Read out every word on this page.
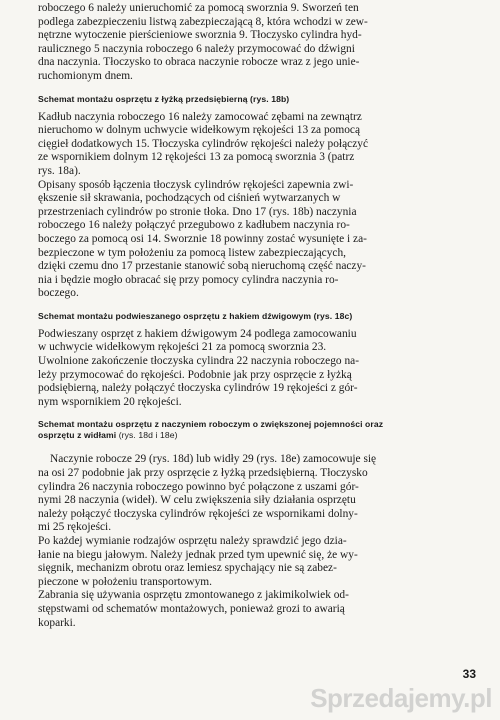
roboczego 6 należy unieruchomić za pomocą sworznia 9. Sworzeń ten
podlega zabezpieczeniu listwą zabezpieczającą 8, która wchodzi w zew-
nętrzne wytoczenie pierścieniowe sworznia 9. Tłoczysko cylindra hyd-
raulicznego 5 naczynia roboczego 6 należy przymocować do dźwigni
dna naczynia. Tłoczysko to obraca naczynie robocze wraz z jego unie-
ruchomionym dnem.

Schemat montażu osprzętu z łyżką przedsiębierną (rys. 18b)

Kadłub naczynia roboczego 16 należy zamocować zębami na zewnątrz
nieruchomo w dolnym uchwycie widełkowym rękojeści 13 za pomocą
cięgieł dodatkowych 15. Tłoczyska cylindrów rękojeści należy połączyć
ze wspornikiem dolnym 12 rękojeści 13 za pomocą sworznia 3 (patrz
rys. 18a).

Opisany sposób łączenia tłoczysk cylindrów rękojeści zapewnia zwi-
ększenie sił skrawania, pochodzących od ciśnień wytwarzanych w
przestrzeniach cylindrów po stronie tłoka. Dno 17 (rys. 18b) naczynia
roboczego 16 należy połączyć przegubowo z kadłubem naczynia ro-
boczego za pomocą osi 14. Sworznie 18 powinny zostać wysunięte i za-
bezpieczone w tym położeniu za pomocą listew zabezpieczających,
dzięki czemu dno 17 przestanie stanowić sobą nieruchomą część naczy-
nia i będzie mogło obracać się przy pomocy cylindra naczynia ro-
boczego.

Schemat montażu podwieszanego osprzętu z hakiem dźwigowym (rys. 18c)

Podwieszany osprzęt z hakiem dźwigowym 24 podlega zamocowaniu
w uchwycie widełkowym rękojeści 21 za pomocą sworznia 23.

Uwolnione zakończenie tłoczyska cylindra 22 naczynia roboczego na-
leży przymocować do rękojeści. Podobnie jak przy osprzęcie z łyżką
podsiębierną, należy połączyć tłoczyska cylindrów 19 rękojeści z gór-
nym wspornikiem 20 rękojeści.

Schemat montażu osprzętu z naczyniem roboczym o zwiększonej pojemności oraz
osprzętu z widłami (rys. 18d i 18e)

Naczynie robocze 29 (rys. 18d) lub widły 29 (rys. 18e) zamocowuje się
na osi 27 podobnie jak przy osprzęcie z łyżką przedsiębierną. Tłoczysko
cylindra 26 naczynia roboczego powinno być połączone z uszami gór-
nymi 28 naczynia (wideł). W celu zwiększenia siły działania osprzętu
należy połączyć tłoczyska cylindrów rękojeści ze wspornikami dolny-
mi 25 rękojeści.

Po każdej wymianie rodzajów osprzętu należy sprawdzić jego dzia-
łanie na biegu jałowym. Należy jednak przed tym upewnić się, że wy-
sięgnik, mechanizm obrotu oraz lemiesz spychający nie są zabez-
pieczone w położeniu transportowym.

Zabrania się używania osprzętu zmontowanego z jakimikolwiek od-
stępstwami od schematów montażowych, ponieważ grozi to awarią
koparki.

33
Sprzedajemy.pl
